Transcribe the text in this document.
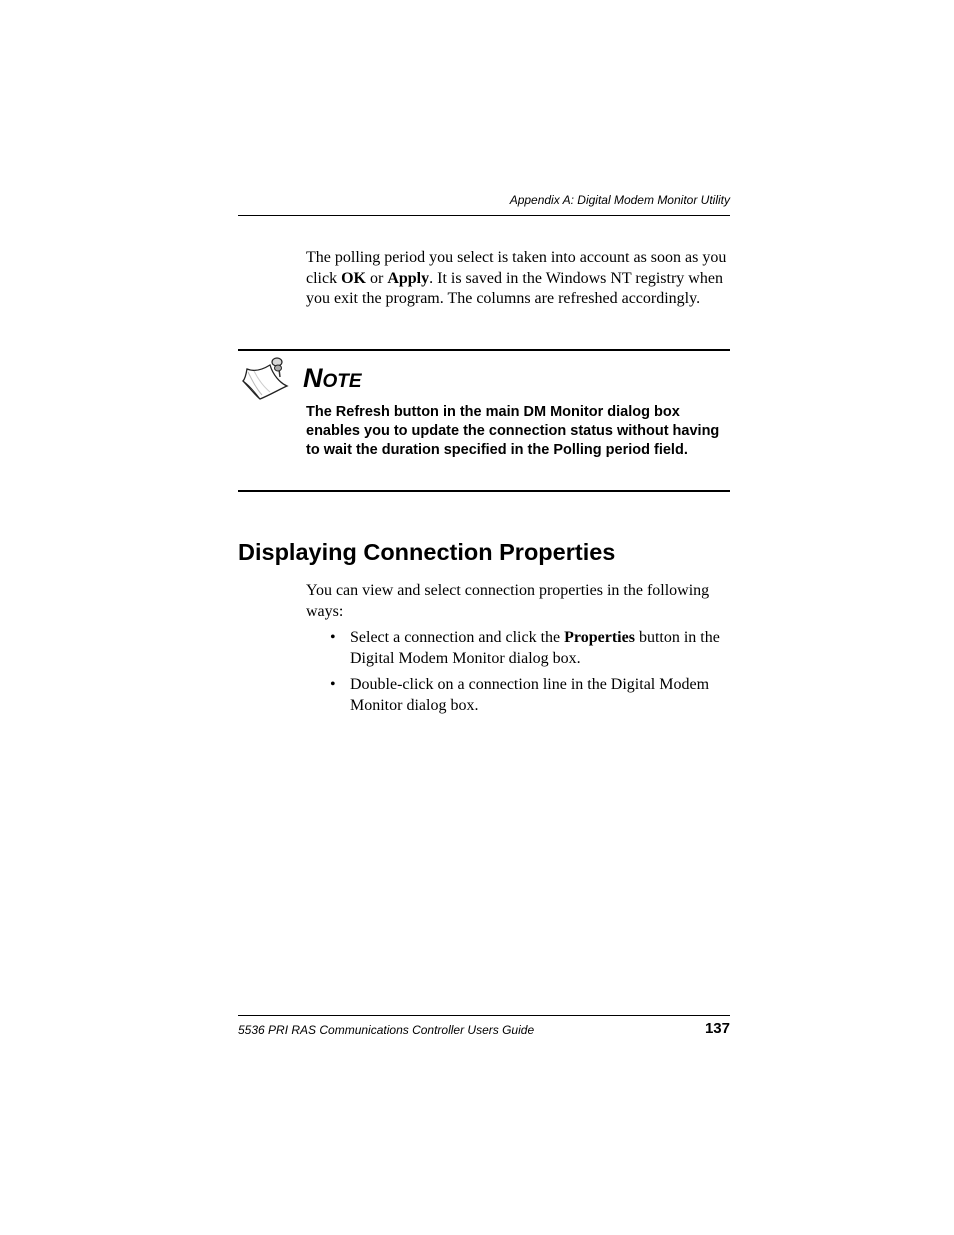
Appendix A: Digital Modem Monitor Utility

The polling period you select is taken into account as soon as you click OK or Apply. It is saved in the Windows NT registry when you exit the program. The columns are refreshed accordingly.

NOTE

The Refresh button in the main DM Monitor dialog box enables you to update the connection status without having to wait the duration specified in the Polling period field.

Displaying Connection Properties

You can view and select connection properties in the following ways:

• Select a connection and click the Properties button in the Digital Modem Monitor dialog box.
• Double-click on a connection line in the Digital Modem Monitor dialog box.
5536 PRI RAS Communications Controller Users Guide	137
